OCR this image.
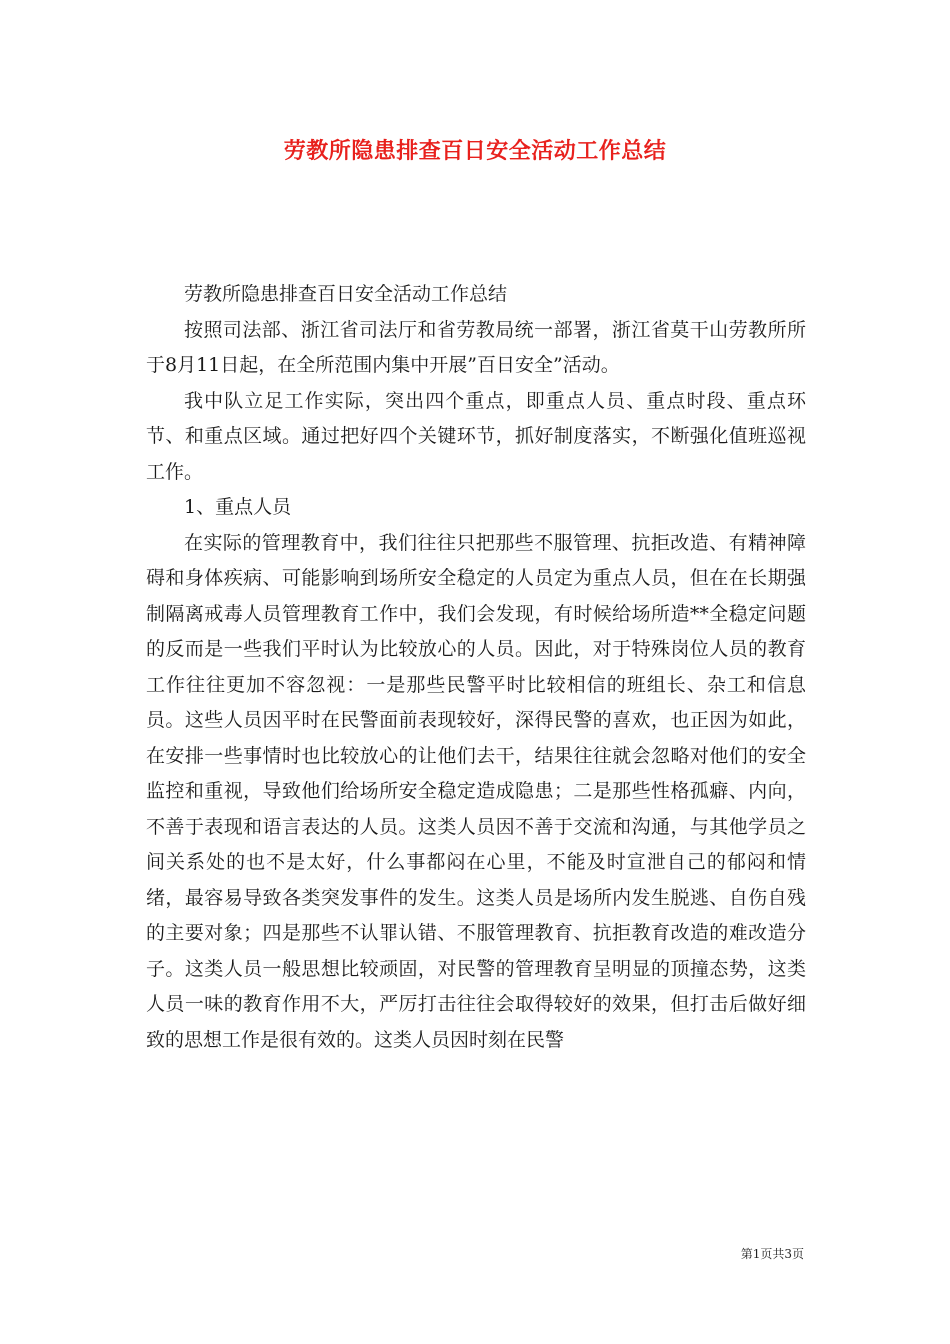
劳教所隐患排查百日安全活动工作总结

劳教所隐患排查百日安全活动工作总结

按照司法部、浙江省司法厅和省劳教局统一部署，浙江省莫干山劳教所所于8月11日起，在全所范围内集中开展”百日安全”活动。

我中队立足工作实际，突出四个重点，即重点人员、重点时段、重点环节、和重点区域。通过把好四个关键环节，抓好制度落实，不断强化值班巡视工作。

1、重点人员

在实际的管理教育中，我们往往只把那些不服管理、抗拒改造、有精神障碍和身体疾病、可能影响到场所安全稳定的人员定为重点人员，但在在长期强制隔离戒毒人员管理教育工作中，我们会发现，有时候给场所造**全稳定问题的反而是一些我们平时认为比较放心的人员。因此，对于特殊岗位人员的教育工作往往更加不容忽视：一是那些民警平时比较相信的班组长、杂工和信息员。这些人员因平时在民警面前表现较好，深得民警的喜欢，也正因为如此，在安排一些事情时也比较放心的让他们去干，结果往往就会忽略对他们的安全监控和重视，导致他们给场所安全稳定造成隐患；二是那些性格孤癖、内向，不善于表现和语言表达的人员。这类人员因不善于交流和沟通，与其他学员之间关系处的也不是太好，什么事都闷在心里，不能及时宣泄自己的郁闷和情绪，最容易导致各类突发事件的发生。这类人员是场所内发生脱逃、自伤自残的主要对象；四是那些不认罪认错、不服管理教育、抗拒教育改造的难改造分子。这类人员一般思想比较顽固，对民警的管理教育呈明显的顶撞态势，这类人员一味的教育作用不大，严厉打击往往会取得较好的效果，但打击后做好细致的思想工作是很有效的。这类人员因时刻在民警

第1页共3页
